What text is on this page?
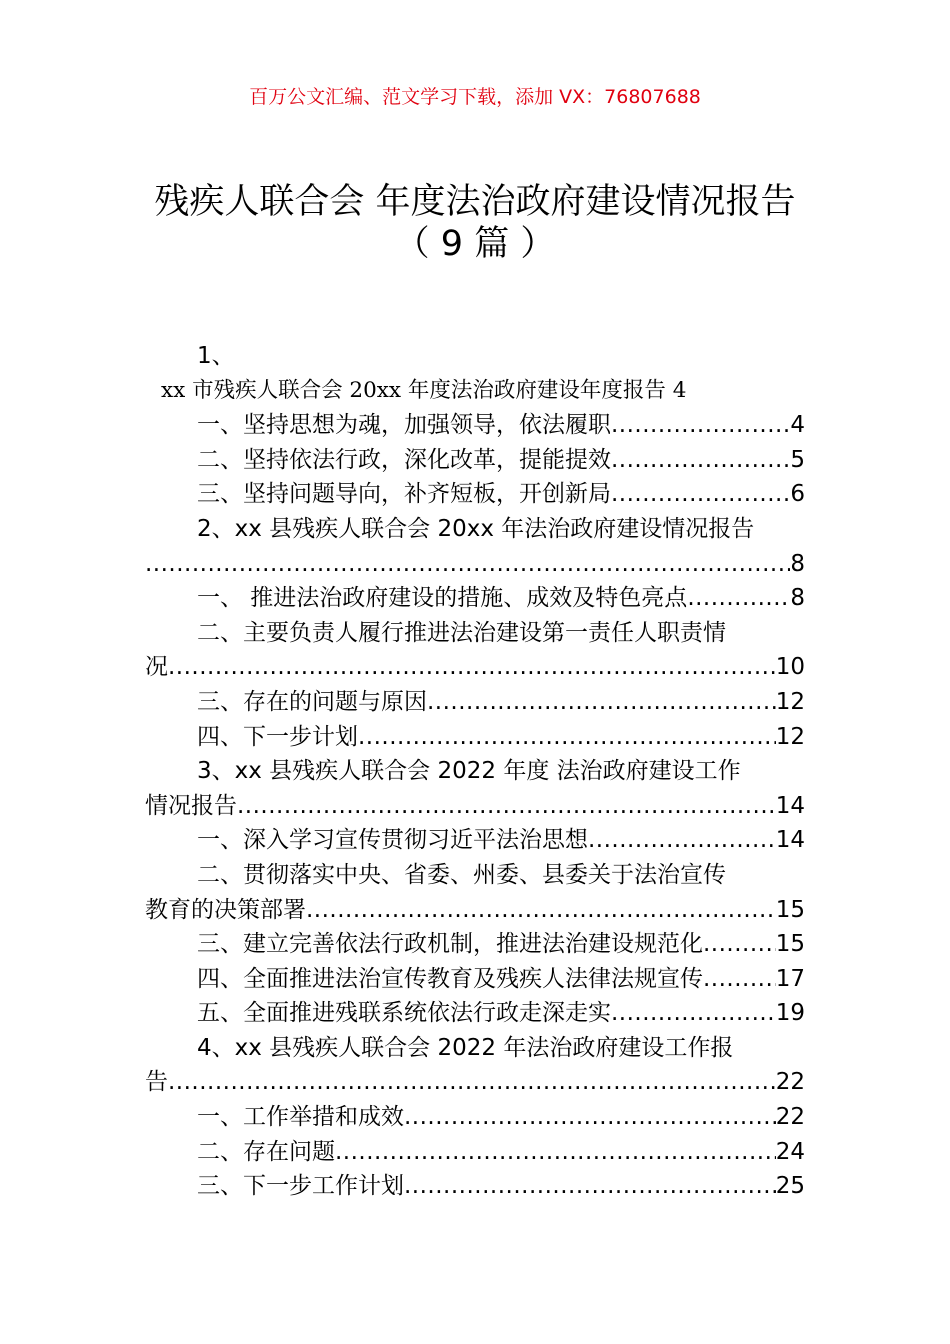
百万公文汇编、范文学习下载，添加 VX：76807688
残疾人联合会 年度法治政府建设情况报告
（ 9 篇 ）
1、
xx 市残疾人联合会 20xx 年度法治政府建设年度报告 4
一、坚持思想为魂，加强领导，依法履职 .....	4
二、坚持依法行政，深化改革，提能提效 .....	5
三、坚持问题导向，补齐短板，开创新局 .....	6
2、xx 县残疾人联合会 20xx 年法治政府建设情况报告
.....
8
一、 推进法治政府建设的措施、成效及特色亮点 .....	8
二、主要负责人履行推进法治建设第一责任人职责情
况 .....	10
三、存在的问题与原因 .....	12
四、下一步计划 .....	12
3、xx 县残疾人联合会 2022 年度 法治政府建设工作
情况报告 .....	14
一、深入学习宣传贯彻习近平法治思想 .....	14
二、贯彻落实中央、省委、州委、县委关于法治宣传
教育的决策部署 .....	15
三、建立完善依法行政机制，推进法治建设规范化 .....	15
四、全面推进法治宣传教育及残疾人法律法规宣传 .....	17
五、全面推进残联系统依法行政走深走实 .....	19
4、xx 县残疾人联合会 2022 年法治政府建设工作报
告 .....	22
一、工作举措和成效 .....	22
二、存在问题 .....	24
三、下一步工作计划 .....	25
